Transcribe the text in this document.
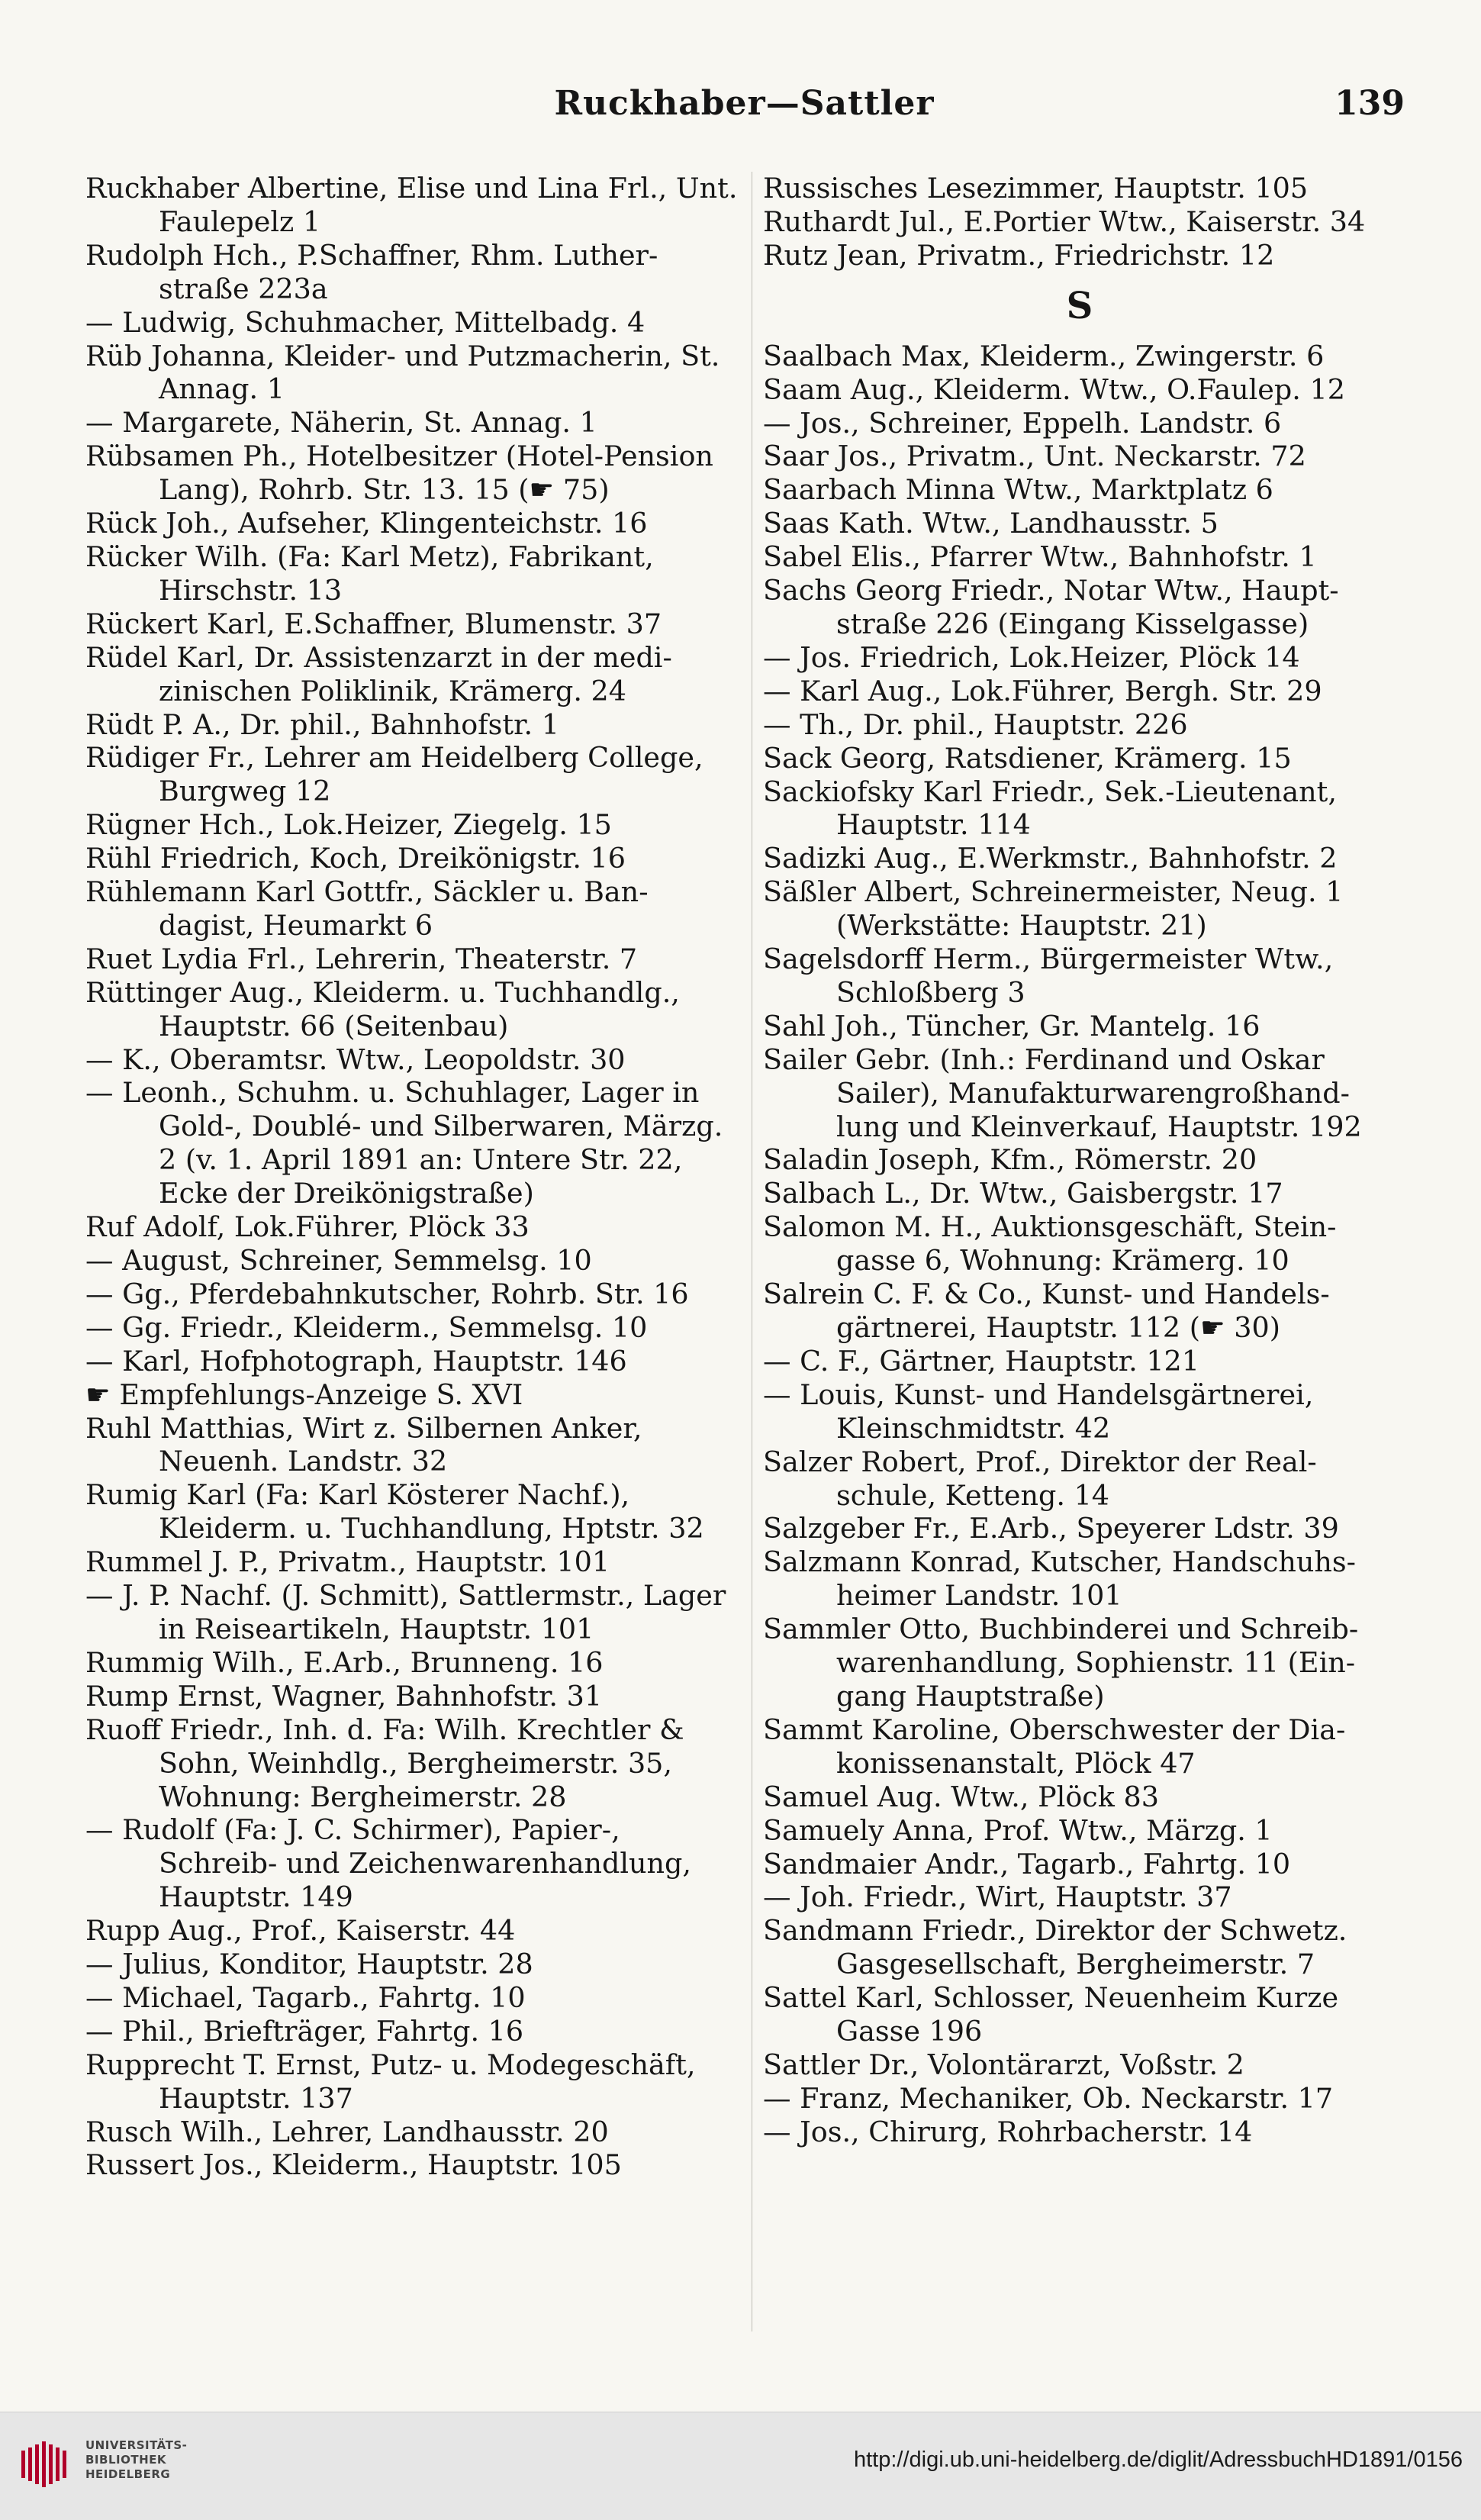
Ruckhaber—Sattler	139
Ruckhaber Albertine, Elise und Lina Frl., Unt. Faulepelz 1
Rudolph Hch., P.Schaffner, Rhm. Luther-straße 223a
— Ludwig, Schuhmacher, Mittelbadg. 4
Rüb Johanna, Kleider- und Putzmacherin, St. Annag. 1
— Margarete, Näherin, St. Annag. 1
Rübsamen Ph., Hotelbesitzer (Hotel-Pension Lang), Rohrb. Str. 13. 15 (☛ 75)
Rück Joh., Aufseher, Klingenteichstr. 16
Rücker Wilh. (Fa: Karl Metz), Fabrikant, Hirschstr. 13
Rückert Karl, E.Schaffner, Blumenstr. 37
Rüdel Karl, Dr. Assistenzarzt in der medi-zinischen Poliklinik, Krämerg. 24
Rüdt P. A., Dr. phil., Bahnhofstr. 1
Rüdiger Fr., Lehrer am Heidelberg College, Burgweg 12
Rügner Hch., Lok.Heizer, Ziegelg. 15
Rühl Friedrich, Koch, Dreikönigstr. 16
Rühlemann Karl Gottfr., Säckler u. Ban-dagist, Heumarkt 6
Ruet Lydia Frl., Lehrerin, Theaterstr. 7
Rüttinger Aug., Kleiderm. u. Tuchhandlg., Hauptstr. 66 (Seitenbau)
— K., Oberamtsr. Wtw., Leopoldstr. 30
— Leonh., Schuhm. u. Schuhlager, Lager in Gold-, Doublé- und Silberwaren, Märzg. 2 (v. 1. April 1891 an: Untere Str. 22, Ecke der Dreikönigstraße)
Ruf Adolf, Lok.Führer, Plöck 33
— August, Schreiner, Semmelsg. 10
— Gg., Pferdebahnkutscher, Rohrb. Str. 16
— Gg. Friedr., Kleiderm., Semmelsg. 10
— Karl, Hofphotograph, Hauptstr. 146
☛ Empfehlungs-Anzeige S. XVI
Ruhl Matthias, Wirt z. Silbernen Anker, Neuenh. Landstr. 32
Rumig Karl (Fa: Karl Kösterer Nachf.), Kleiderm. u. Tuchhandlung, Hptstr. 32
Rummel J. P., Privatm., Hauptstr. 101
— J. P. Nachf. (J. Schmitt), Sattlermstr., Lager in Reiseartikeln, Hauptstr. 101
Rummig Wilh., E.Arb., Brunneng. 16
Rump Ernst, Wagner, Bahnhofstr. 31
Ruoff Friedr., Inh. d. Fa: Wilh. Krechtler & Sohn, Weinhdlg., Bergheimerstr. 35, Wohnung: Bergheimerstr. 28
— Rudolf (Fa: J. C. Schirmer), Papier-, Schreib- und Zeichenwarenhandlung, Hauptstr. 149
Rupp Aug., Prof., Kaiserstr. 44
— Julius, Konditor, Hauptstr. 28
— Michael, Tagarb., Fahrtg. 10
— Phil., Briefträger, Fahrtg. 16
Rupprecht T. Ernst, Putz- u. Modegeschäft, Hauptstr. 137
Rusch Wilh., Lehrer, Landhausstr. 20
Russert Jos., Kleiderm., Hauptstr. 105
Russisches Lesezimmer, Hauptstr. 105
Ruthardt Jul., E.Portier Wtw., Kaiserstr. 34
Rutz Jean, Privatm., Friedrichstr. 12
S
Saalbach Max, Kleiderm., Zwingerstr. 6
Saam Aug., Kleiderm. Wtw., O.Faulep. 12
— Jos., Schreiner, Eppelh. Landstr. 6
Saar Jos., Privatm., Unt. Neckarstr. 72
Saarbach Minna Wtw., Marktplatz 6
Saas Kath. Wtw., Landhausstr. 5
Sabel Elis., Pfarrer Wtw., Bahnhofstr. 1
Sachs Georg Friedr., Notar Wtw., Haupt-straße 226 (Eingang Kisselgasse)
— Jos. Friedrich, Lok.Heizer, Plöck 14
— Karl Aug., Lok.Führer, Bergh. Str. 29
— Th., Dr. phil., Hauptstr. 226
Sack Georg, Ratsdiener, Krämerg. 15
Sackiofsky Karl Friedr., Sek.-Lieutenant, Hauptstr. 114
Sadizki Aug., E.Werkmstr., Bahnhofstr. 2
Säßler Albert, Schreinermeister, Neug. 1 (Werkstätte: Hauptstr. 21)
Sagelsdorff Herm., Bürgermeister Wtw., Schloßberg 3
Sahl Joh., Tüncher, Gr. Mantelg. 16
Sailer Gebr. (Inh.: Ferdinand und Oskar Sailer), Manufakturwarengroßhand-lung und Kleinverkauf, Hauptstr. 192
Saladin Joseph, Kfm., Römerstr. 20
Salbach L., Dr. Wtw., Gaisbergstr. 17
Salomon M. H., Auktionsgeschäft, Stein-gasse 6, Wohnung: Krämerg. 10
Salrein C. F. & Co., Kunst- und Handels-gärtnerei, Hauptstr. 112 (☛ 30)
— C. F., Gärtner, Hauptstr. 121
— Louis, Kunst- und Handelsgärtnerei, Kleinschmidtstr. 42
Salzer Robert, Prof., Direktor der Real-schule, Ketteng. 14
Salzgeber Fr., E.Arb., Speyerer Ldstr. 39
Salzmann Konrad, Kutscher, Handschuhs-heimer Landstr. 101
Sammler Otto, Buchbinderei und Schreib-warenhandlung, Sophienstr. 11 (Ein-gang Hauptstraße)
Sammt Karoline, Oberschwester der Dia-konissenanstalt, Plöck 47
Samuel Aug. Wtw., Plöck 83
Samuely Anna, Prof. Wtw., Märzg. 1
Sandmaier Andr., Tagarb., Fahrtg. 10
— Joh. Friedr., Wirt, Hauptstr. 37
Sandmann Friedr., Direktor der Schwetz. Gasgesellschaft, Bergheimerstr. 7
Sattel Karl, Schlosser, Neuenheim Kurze Gasse 196
Sattler Dr., Volontärarzt, Voßstr. 2
— Franz, Mechaniker, Ob. Neckarstr. 17
— Jos., Chirurg, Rohrbacherstr. 14
UNIVERSITÄTS-
BIBLIOTHEK
HEIDELBERG
http://digi.ub.uni-heidelberg.de/diglit/AdressbuchHD1891/0156
